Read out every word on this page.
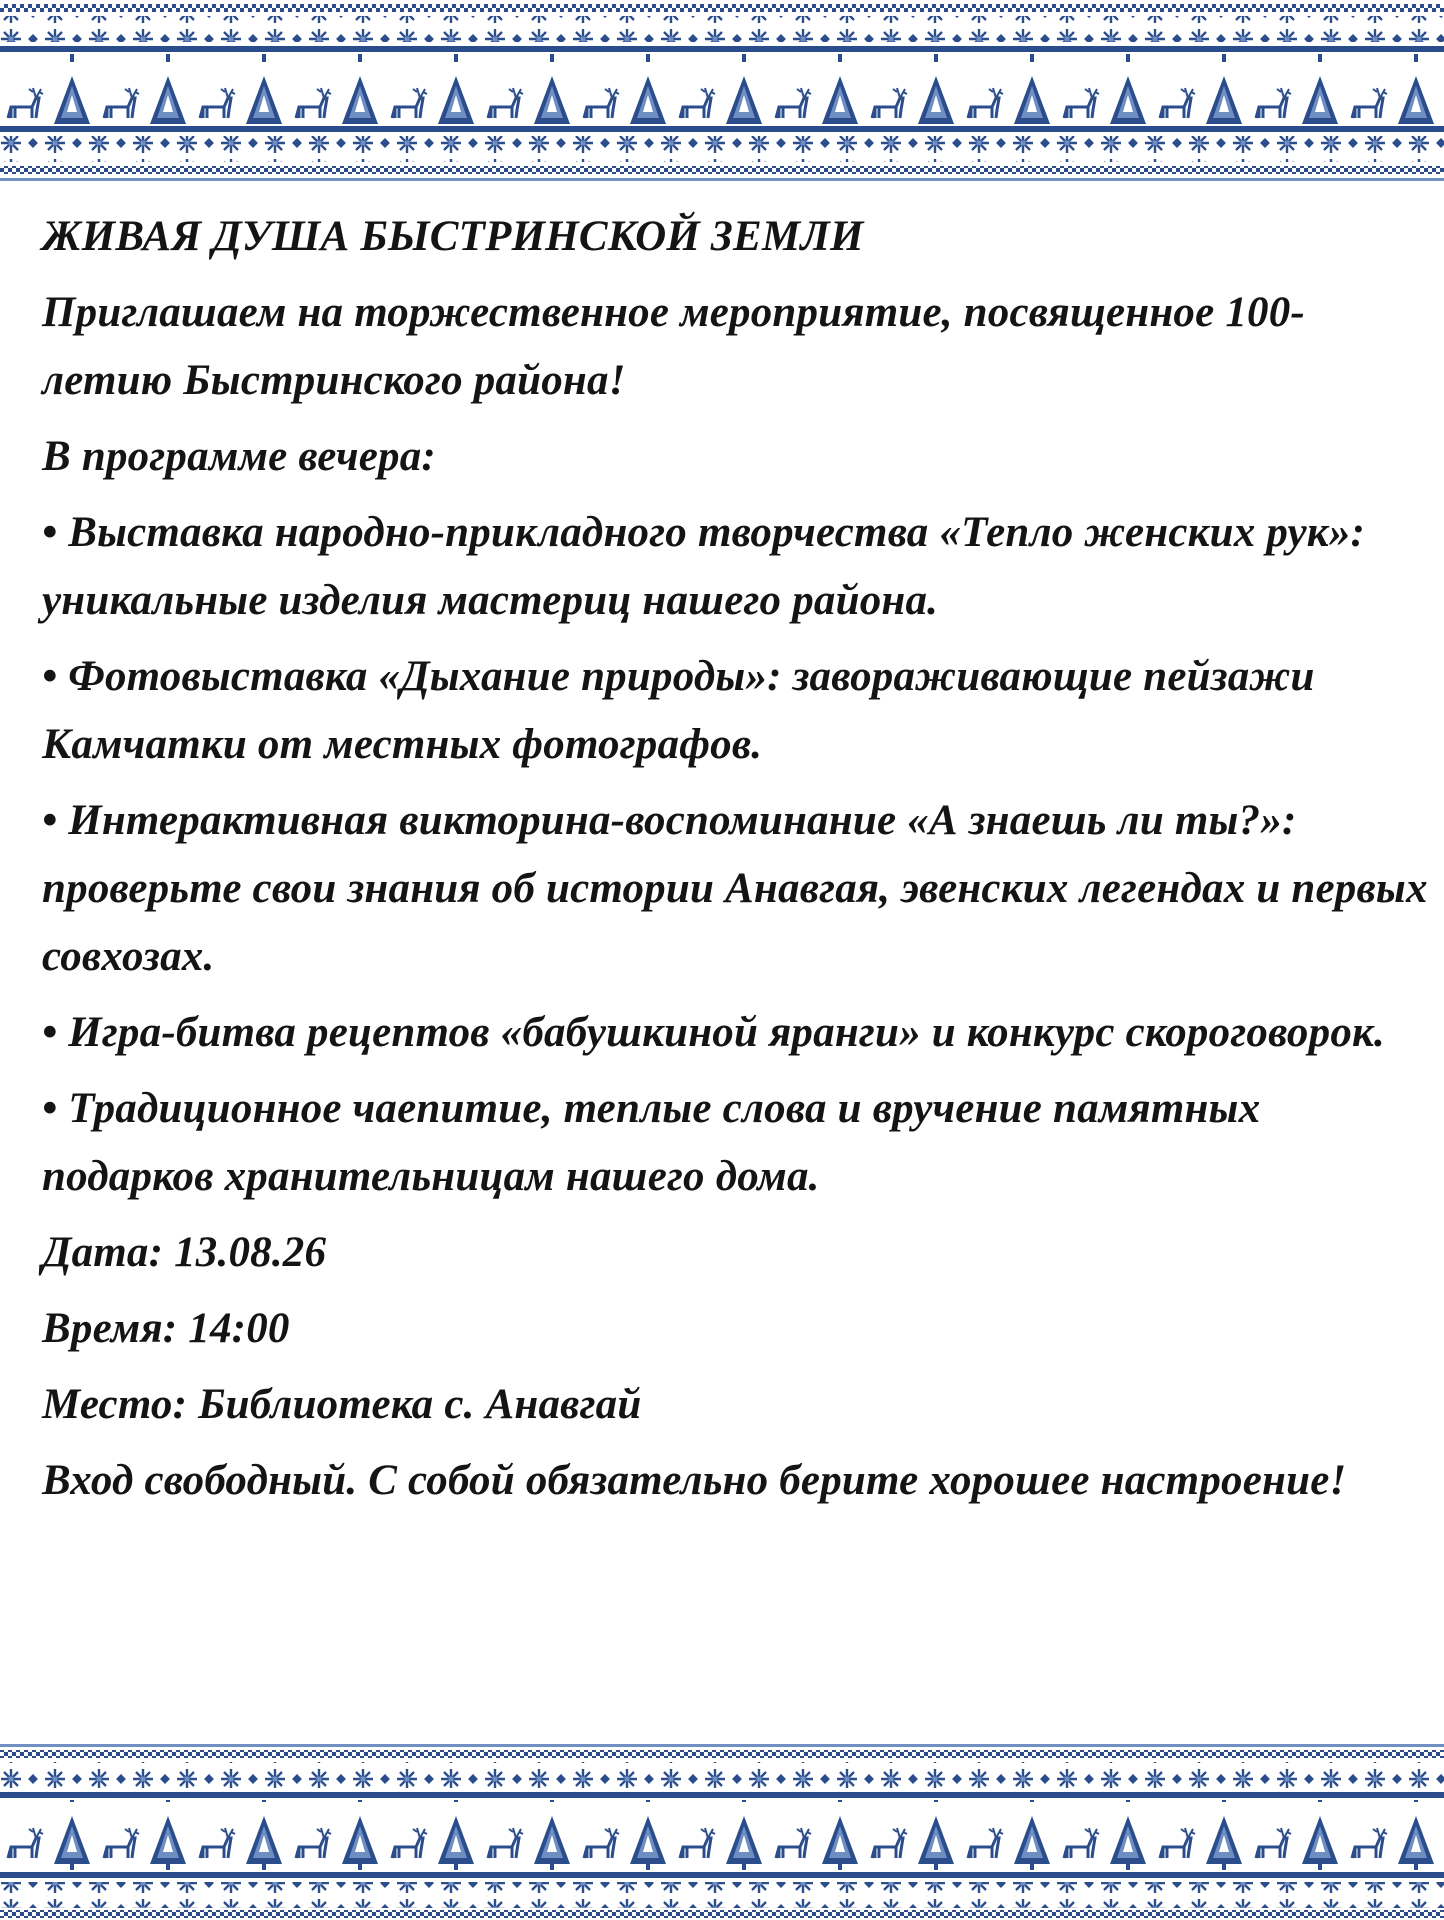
ЖИВАЯ ДУША БЫСТРИНСКОЙ ЗЕМЛИ

Приглашаем на торжественное мероприятие, посвященное 100-летию Быстринского района!

В программе вечера:

• Выставка народно-прикладного творчества «Тепло женских рук»: уникальные изделия мастериц нашего района.

• Фотовыставка «Дыхание природы»: завораживающие пейзажи Камчатки от местных фотографов.

• Интерактивная викторина-воспоминание «А знаешь ли ты?»: проверьте свои знания об истории Анавгая, эвенских легендах и первых совхозах.

• Игра-битва рецептов «бабушкиной яранги» и конкурс скороговорок.

• Традиционное чаепитие, теплые слова и вручение памятных подарков хранительницам нашего дома.

Дата: 13.08.26

Время: 14:00

Место: Библиотека с. Анавгай

Вход свободный. С собой обязательно берите хорошее настроение!
